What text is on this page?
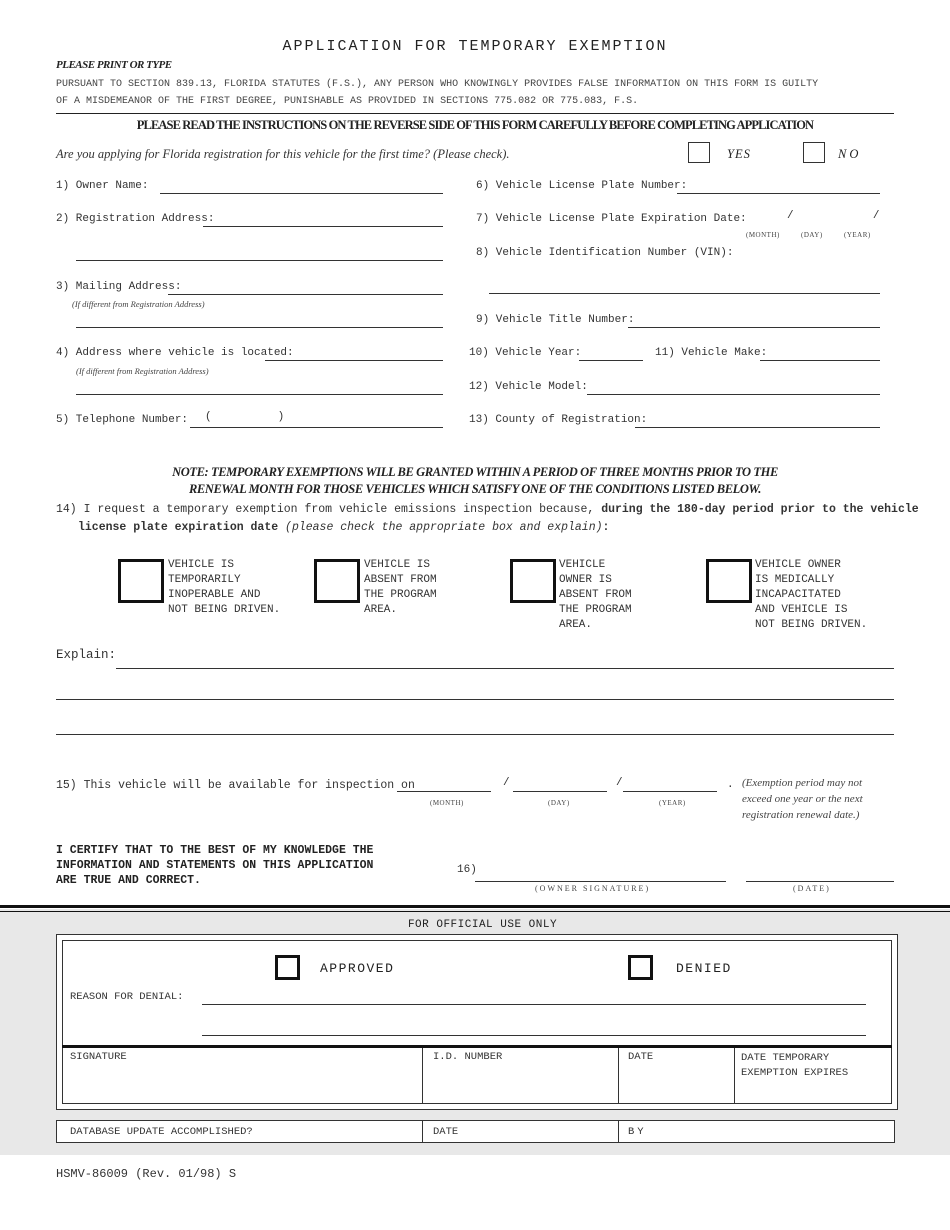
APPLICATION FOR TEMPORARY EXEMPTION
PLEASE PRINT OR TYPE
PURSUANT TO SECTION 839.13, FLORIDA STATUTES (F.S.), ANY PERSON WHO KNOWINGLY PROVIDES FALSE INFORMATION ON THIS FORM IS GUILTY
OF A MISDEMEANOR OF THE FIRST DEGREE, PUNISHABLE AS PROVIDED IN SECTIONS 775.082 OR 775.083, F.S.
PLEASE READ THE INSTRUCTIONS ON THE REVERSE SIDE OF THIS FORM CAREFULLY BEFORE COMPLETING APPLICATION
Are you applying for Florida registration for this vehicle for the first time? (Please check).	YES	NO
1) Owner Name:
2) Registration Address:
3) Mailing Address:
(If different from Registration Address)
4) Address where vehicle is located:
(If different from Registration Address)
5) Telephone Number: (          )
6) Vehicle License Plate Number:
7) Vehicle License Plate Expiration Date:	/            /
(MONTH)	(DAY)	(YEAR)
8) Vehicle Identification Number (VIN):
9) Vehicle Title Number:
10) Vehicle Year:	11) Vehicle Make:
12) Vehicle Model:
13) County of Registration:
NOTE: TEMPORARY EXEMPTIONS WILL BE GRANTED WITHIN A PERIOD OF THREE MONTHS PRIOR TO THE
RENEWAL MONTH FOR THOSE VEHICLES WHICH SATISFY ONE OF THE CONDITIONS LISTED BELOW.
14) I request a temporary exemption from vehicle emissions inspection because, during the 180-day period prior to the vehicle
license plate expiration date (please check the appropriate box and explain):
VEHICLE IS
TEMPORARILY
INOPERABLE AND
NOT BEING DRIVEN.
VEHICLE IS
ABSENT FROM
THE PROGRAM
AREA.
VEHICLE
OWNER IS
ABSENT FROM
THE PROGRAM
AREA.
VEHICLE OWNER
IS MEDICALLY
INCAPACITATED
AND VEHICLE IS
NOT BEING DRIVEN.
Explain:
15) This vehicle will be available for inspection on	/	/	.
(MONTH)	(DAY)	(YEAR)
(Exemption period may not
exceed one year or the next
registration renewal date.)
I CERTIFY THAT TO THE BEST OF MY KNOWLEDGE THE
INFORMATION AND STATEMENTS ON THIS APPLICATION
ARE TRUE AND CORRECT.
16)
(OWNER SIGNATURE)	(DATE)
FOR OFFICIAL USE ONLY
APPROVED	DENIED
REASON FOR DENIAL:
SIGNATURE	I.D. NUMBER	DATE	DATE TEMPORARY
EXEMPTION EXPIRES
DATABASE UPDATE ACCOMPLISHED?	DATE	BY
HSMV-86009 (Rev. 01/98) S
